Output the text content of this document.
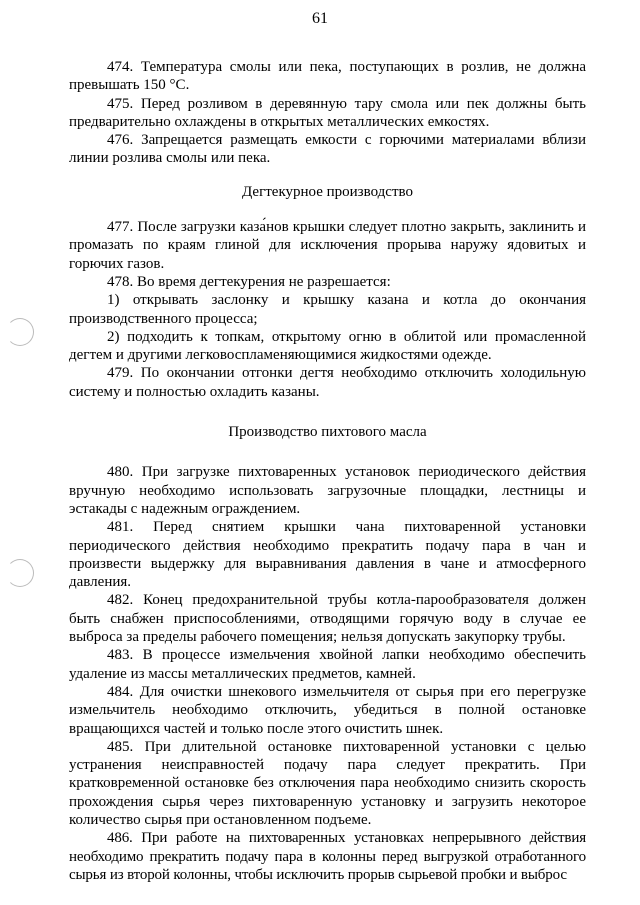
61

474. Температура смолы или пека, поступающих в розлив, не должна превышать 150 °С.

475. Перед розливом в деревянную тару смола или пек должны быть предварительно охлаждены в открытых металлических емкостях.

476. Запрещается размещать емкости с горючими материалами вблизи линии розлива смолы или пека.

Дегтекурное производство

477. После загрузки каза́нов крышки следует плотно закрыть, заклинить и промазать по краям глиной для исключения прорыва наружу ядовитых и горючих газов.

478. Во время дегтекурения не разрешается:

1) открывать заслонку и крышку казана и котла до окончания производственного процесса;

2) подходить к топкам, открытому огню в облитой или промасленной дегтем и другими легковоспламеняющимися жидкостями одежде.

479. По окончании отгонки дегтя необходимо отключить холодильную систему и полностью охладить казаны.

Производство пихтового масла

480. При загрузке пихтоваренных установок периодического действия вручную необходимо использовать загрузочные площадки, лестницы и эстакады с надежным ограждением.

481. Перед снятием крышки чана пихтоваренной установки периодического действия необходимо прекратить подачу пара в чан и произвести выдержку для выравнивания давления в чане и атмосферного давления.

482. Конец предохранительной трубы котла-парообразователя должен быть снабжен приспособлениями, отводящими горячую воду в случае ее выброса за пределы рабочего помещения; нельзя допускать закупорку трубы.

483. В процессе измельчения хвойной лапки необходимо обеспечить удаление из массы металлических предметов, камней.

484. Для очистки шнекового измельчителя от сырья при его перегрузке измельчитель необходимо отключить, убедиться в полной остановке вращающихся частей и только после этого очистить шнек.

485. При длительной остановке пихтоваренной установки с целью устранения неисправностей подачу пара следует прекратить. При кратковременной остановке без отключения пара необходимо снизить скорость прохождения сырья через пихтоваренную установку и загрузить некоторое количество сырья при остановленном подъеме.

486. При работе на пихтоваренных установках непрерывного действия необходимо прекратить подачу пара в колонны перед выгрузкой отработанного сырья из второй колонны, чтобы исключить прорыв сырьевой пробки и выброс
